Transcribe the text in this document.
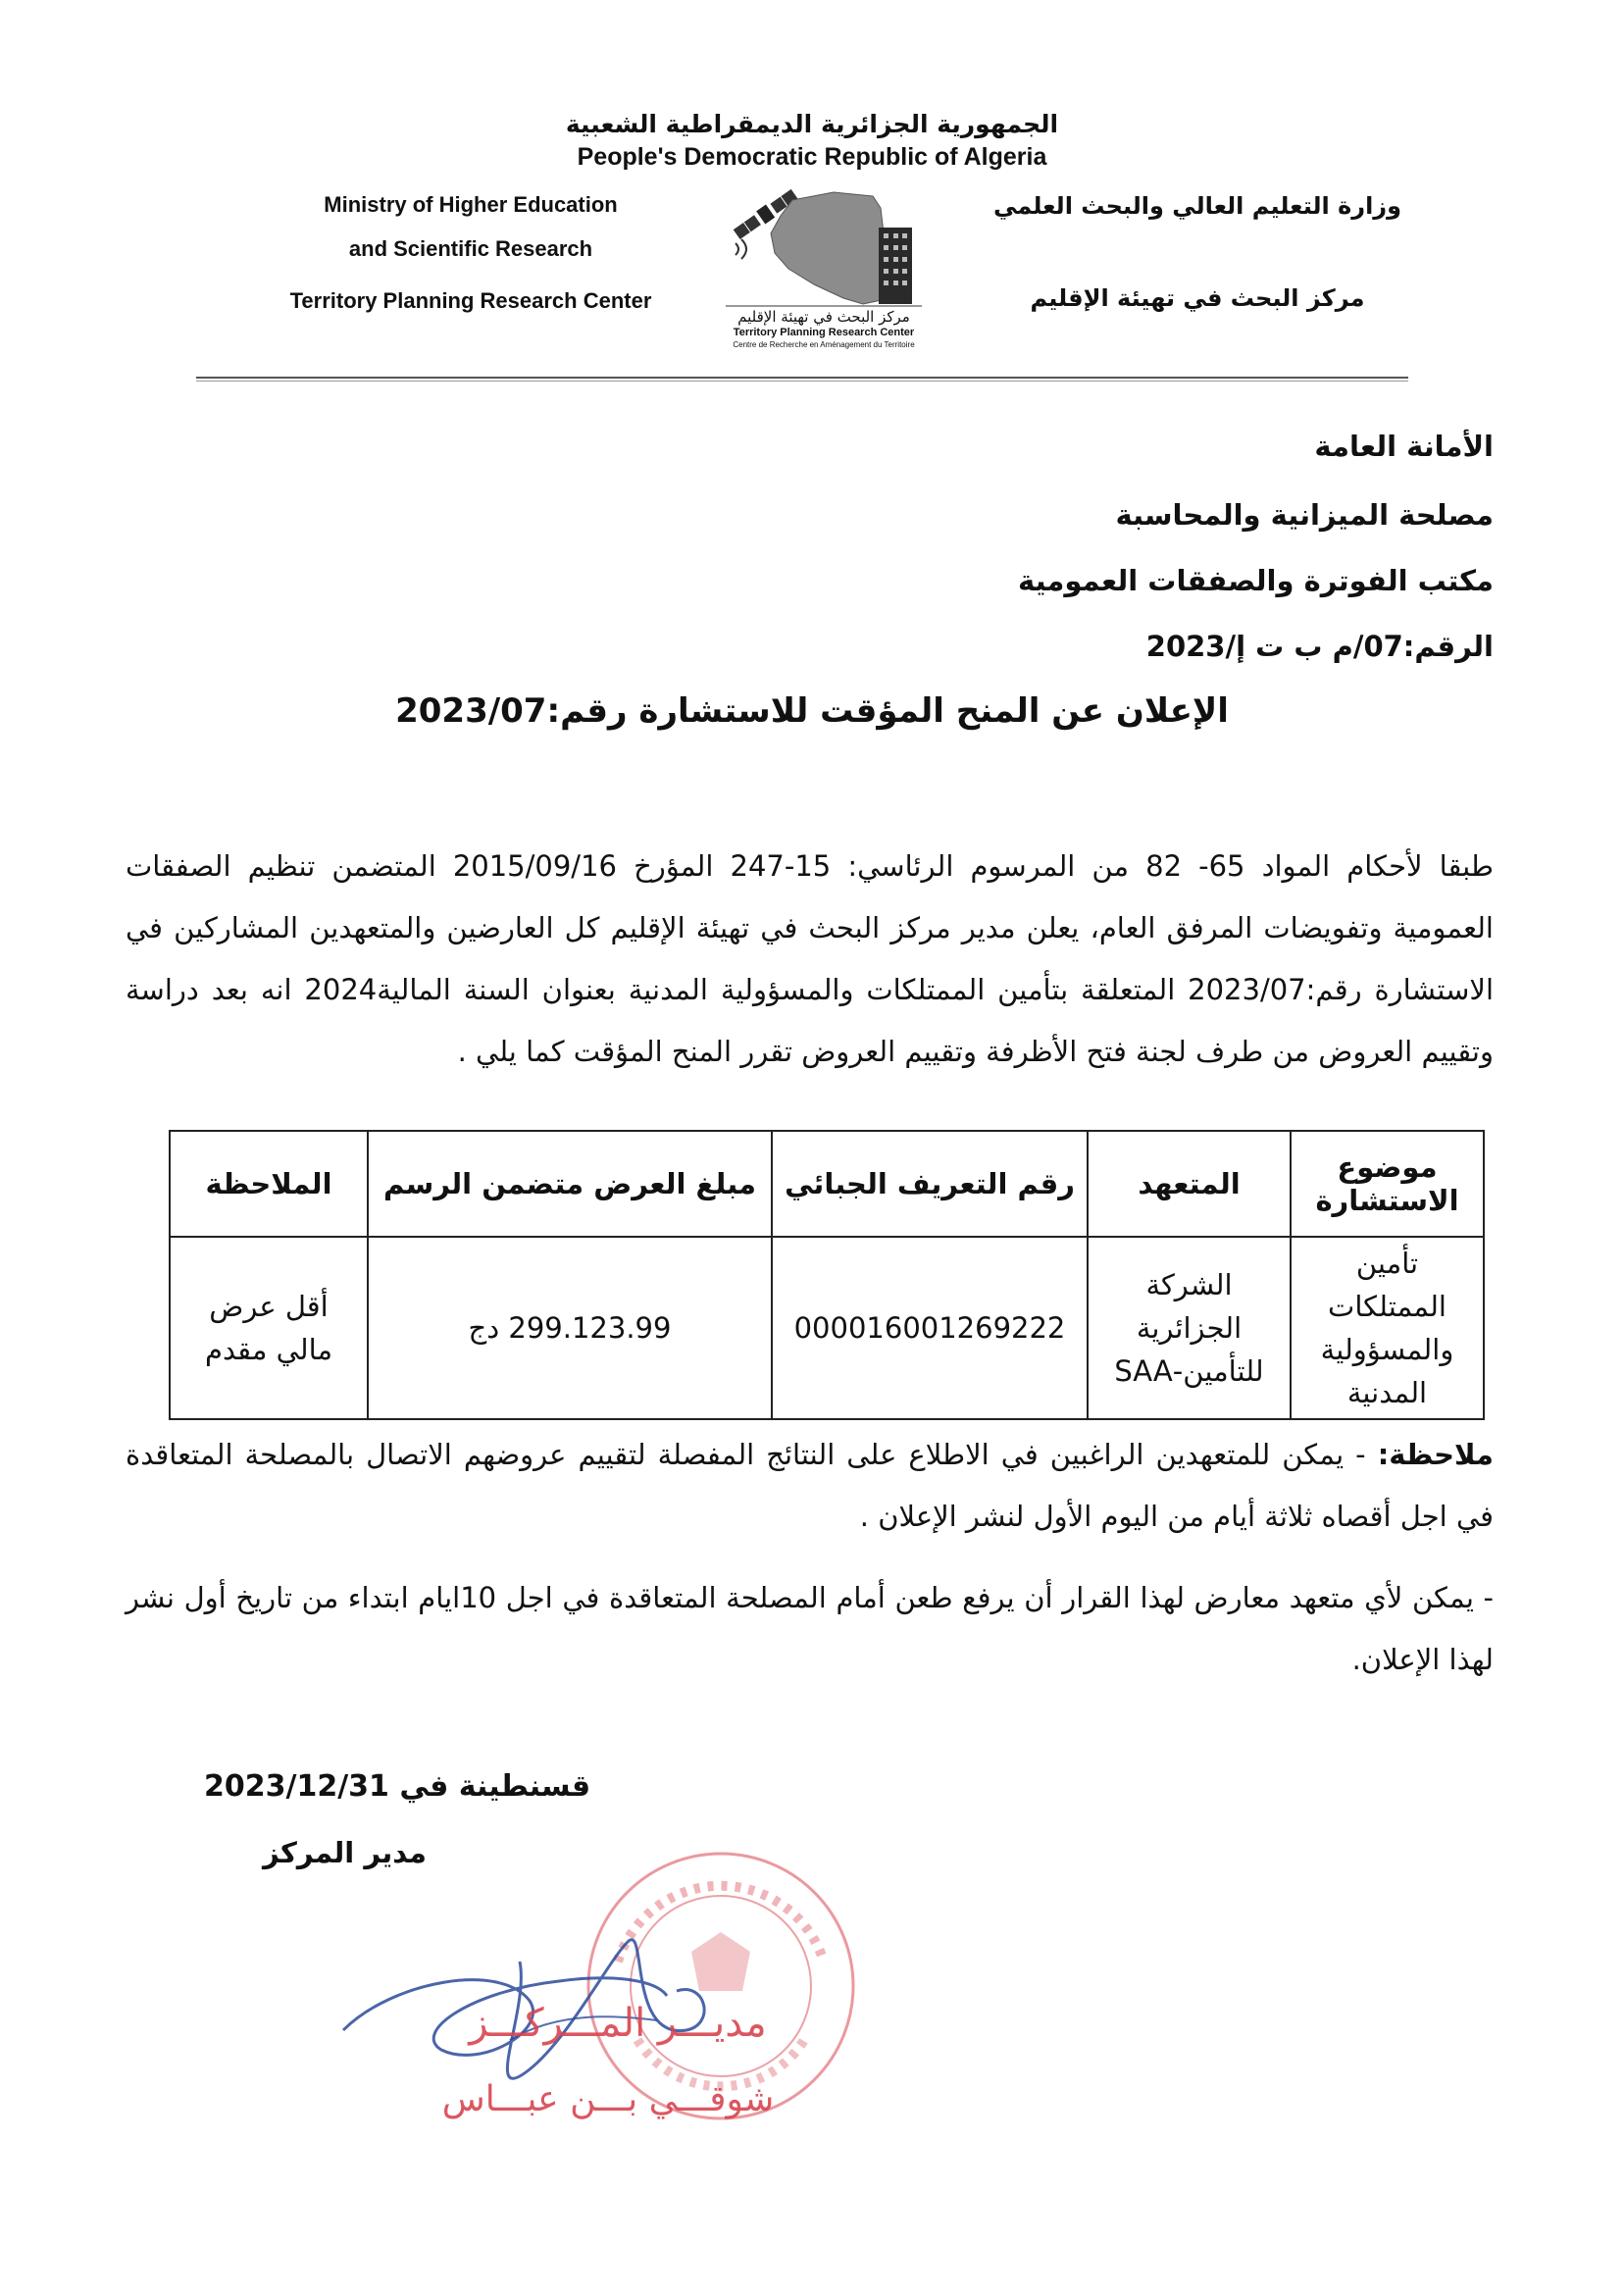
الجمهورية الجزائرية الديمقراطية الشعبية
People's Democratic Republic of Algeria
Ministry of Higher Education
and Scientific Research
Territory Planning Research Center
وزارة التعليم العالي والبحث العلمي
مركز البحث في تهيئة الإقليم
مركز البحث في تهيئة الإقليم
Territory Planning Research Center
Centre de Recherche en Aménagement du Territoire
الأمانة العامة
مصلحة الميزانية والمحاسبة
مكتب الفوترة والصفقات العمومية
الرقم:07/م ب ت إ/2023
الإعلان عن المنح المؤقت للاستشارة رقم:2023/07
طبقا لأحكام المواد 65- 82 من المرسوم الرئاسي: 15-247 المؤرخ 2015/09/16 المتضمن تنظيم الصفقات العمومية وتفويضات المرفق العام، يعلن مدير مركز البحث في تهيئة الإقليم كل العارضين والمتعهدين المشاركين في الاستشارة رقم:2023/07 المتعلقة بتأمين الممتلكات والمسؤولية المدنية بعنوان السنة المالية2024 انه بعد دراسة وتقييم العروض من طرف لجنة فتح الأظرفة وتقييم العروض تقرر المنح المؤقت كما يلي .
موضوع الاستشارة	المتعهد	رقم التعريف الجبائي	مبلغ العرض متضمن الرسم	الملاحظة
تأمين الممتلكات والمسؤولية المدنية	الشركة الجزائرية للتأمين-SAA	000016001269222	299.123.99 دج	أقل عرض مالي مقدم
ملاحظة: - يمكن للمتعهدين الراغبين في الاطلاع على النتائج المفصلة لتقييم عروضهم الاتصال بالمصلحة المتعاقدة في اجل أقصاه ثلاثة أيام من اليوم الأول لنشر الإعلان .
- يمكن لأي متعهد معارض لهذا القرار أن يرفع طعن أمام المصلحة المتعاقدة في اجل 10ايام ابتداء من تاريخ أول نشر لهذا الإعلان.
قسنطينة في 2023/12/31
مدير المركز
مديـــر المـــركـــز
شوقـــي بـــن عبـــاس
